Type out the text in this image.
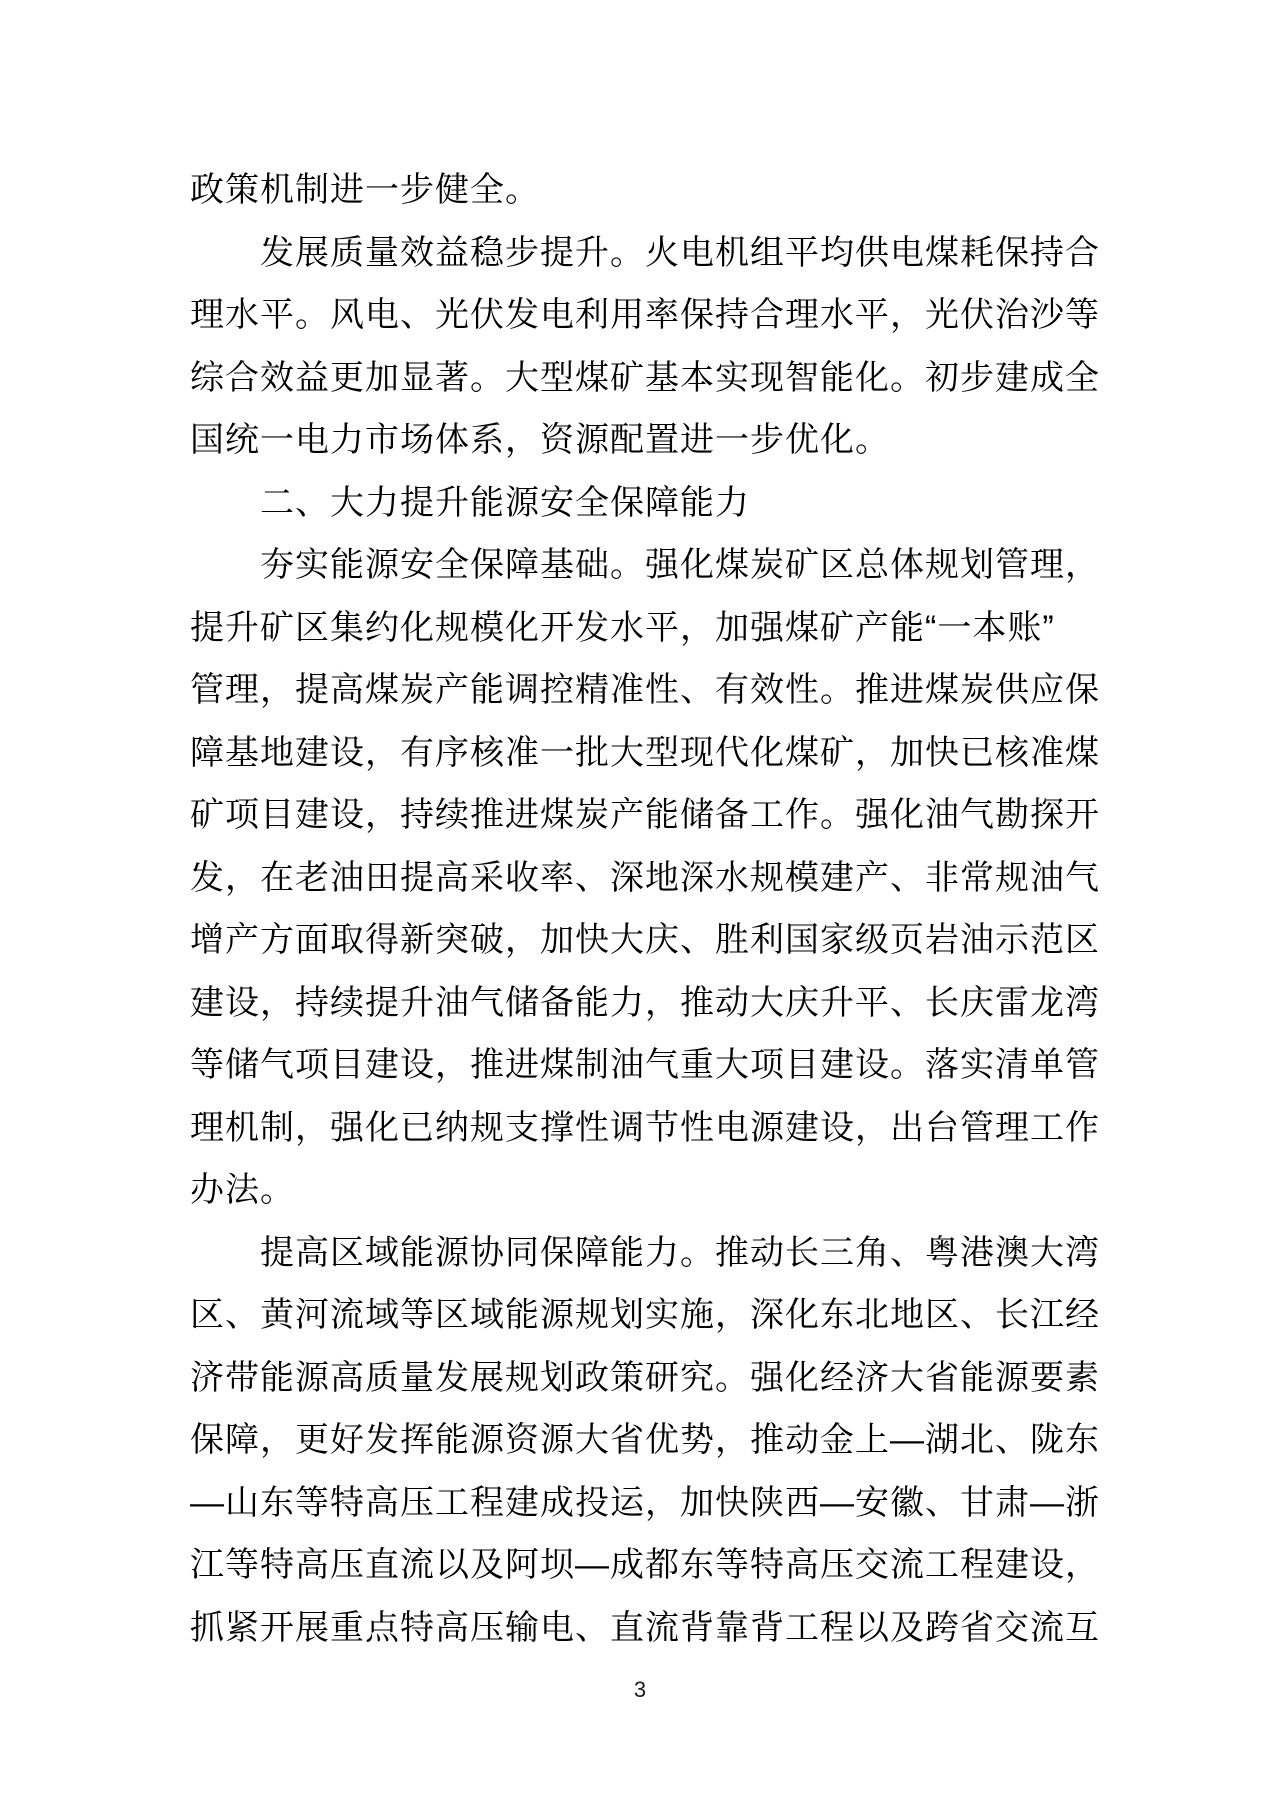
政策机制进一步健全。
发展质量效益稳步提升。火电机组平均供电煤耗保持合
理水平。风电、光伏发电利用率保持合理水平，光伏治沙等
综合效益更加显著。大型煤矿基本实现智能化。初步建成全
国统一电力市场体系，资源配置进一步优化。
二、大力提升能源安全保障能力
夯实能源安全保障基础。强化煤炭矿区总体规划管理，
提升矿区集约化规模化开发水平，加强煤矿产能“一本账”
管理，提高煤炭产能调控精准性、有效性。推进煤炭供应保
障基地建设，有序核准一批大型现代化煤矿，加快已核准煤
矿项目建设，持续推进煤炭产能储备工作。强化油气勘探开
发，在老油田提高采收率、深地深水规模建产、非常规油气
增产方面取得新突破，加快大庆、胜利国家级页岩油示范区
建设，持续提升油气储备能力，推动大庆升平、长庆雷龙湾
等储气项目建设，推进煤制油气重大项目建设。落实清单管
理机制，强化已纳规支撑性调节性电源建设，出台管理工作
办法。
提高区域能源协同保障能力。推动长三角、粤港澳大湾
区、黄河流域等区域能源规划实施，深化东北地区、长江经
济带能源高质量发展规划政策研究。强化经济大省能源要素
保障，更好发挥能源资源大省优势，推动金上—湖北、陇东
—山东等特高压工程建成投运，加快陕西—安徽、甘肃—浙
江等特高压直流以及阿坝—成都东等特高压交流工程建设，
抓紧开展重点特高压输电、直流背靠背工程以及跨省交流互
3
